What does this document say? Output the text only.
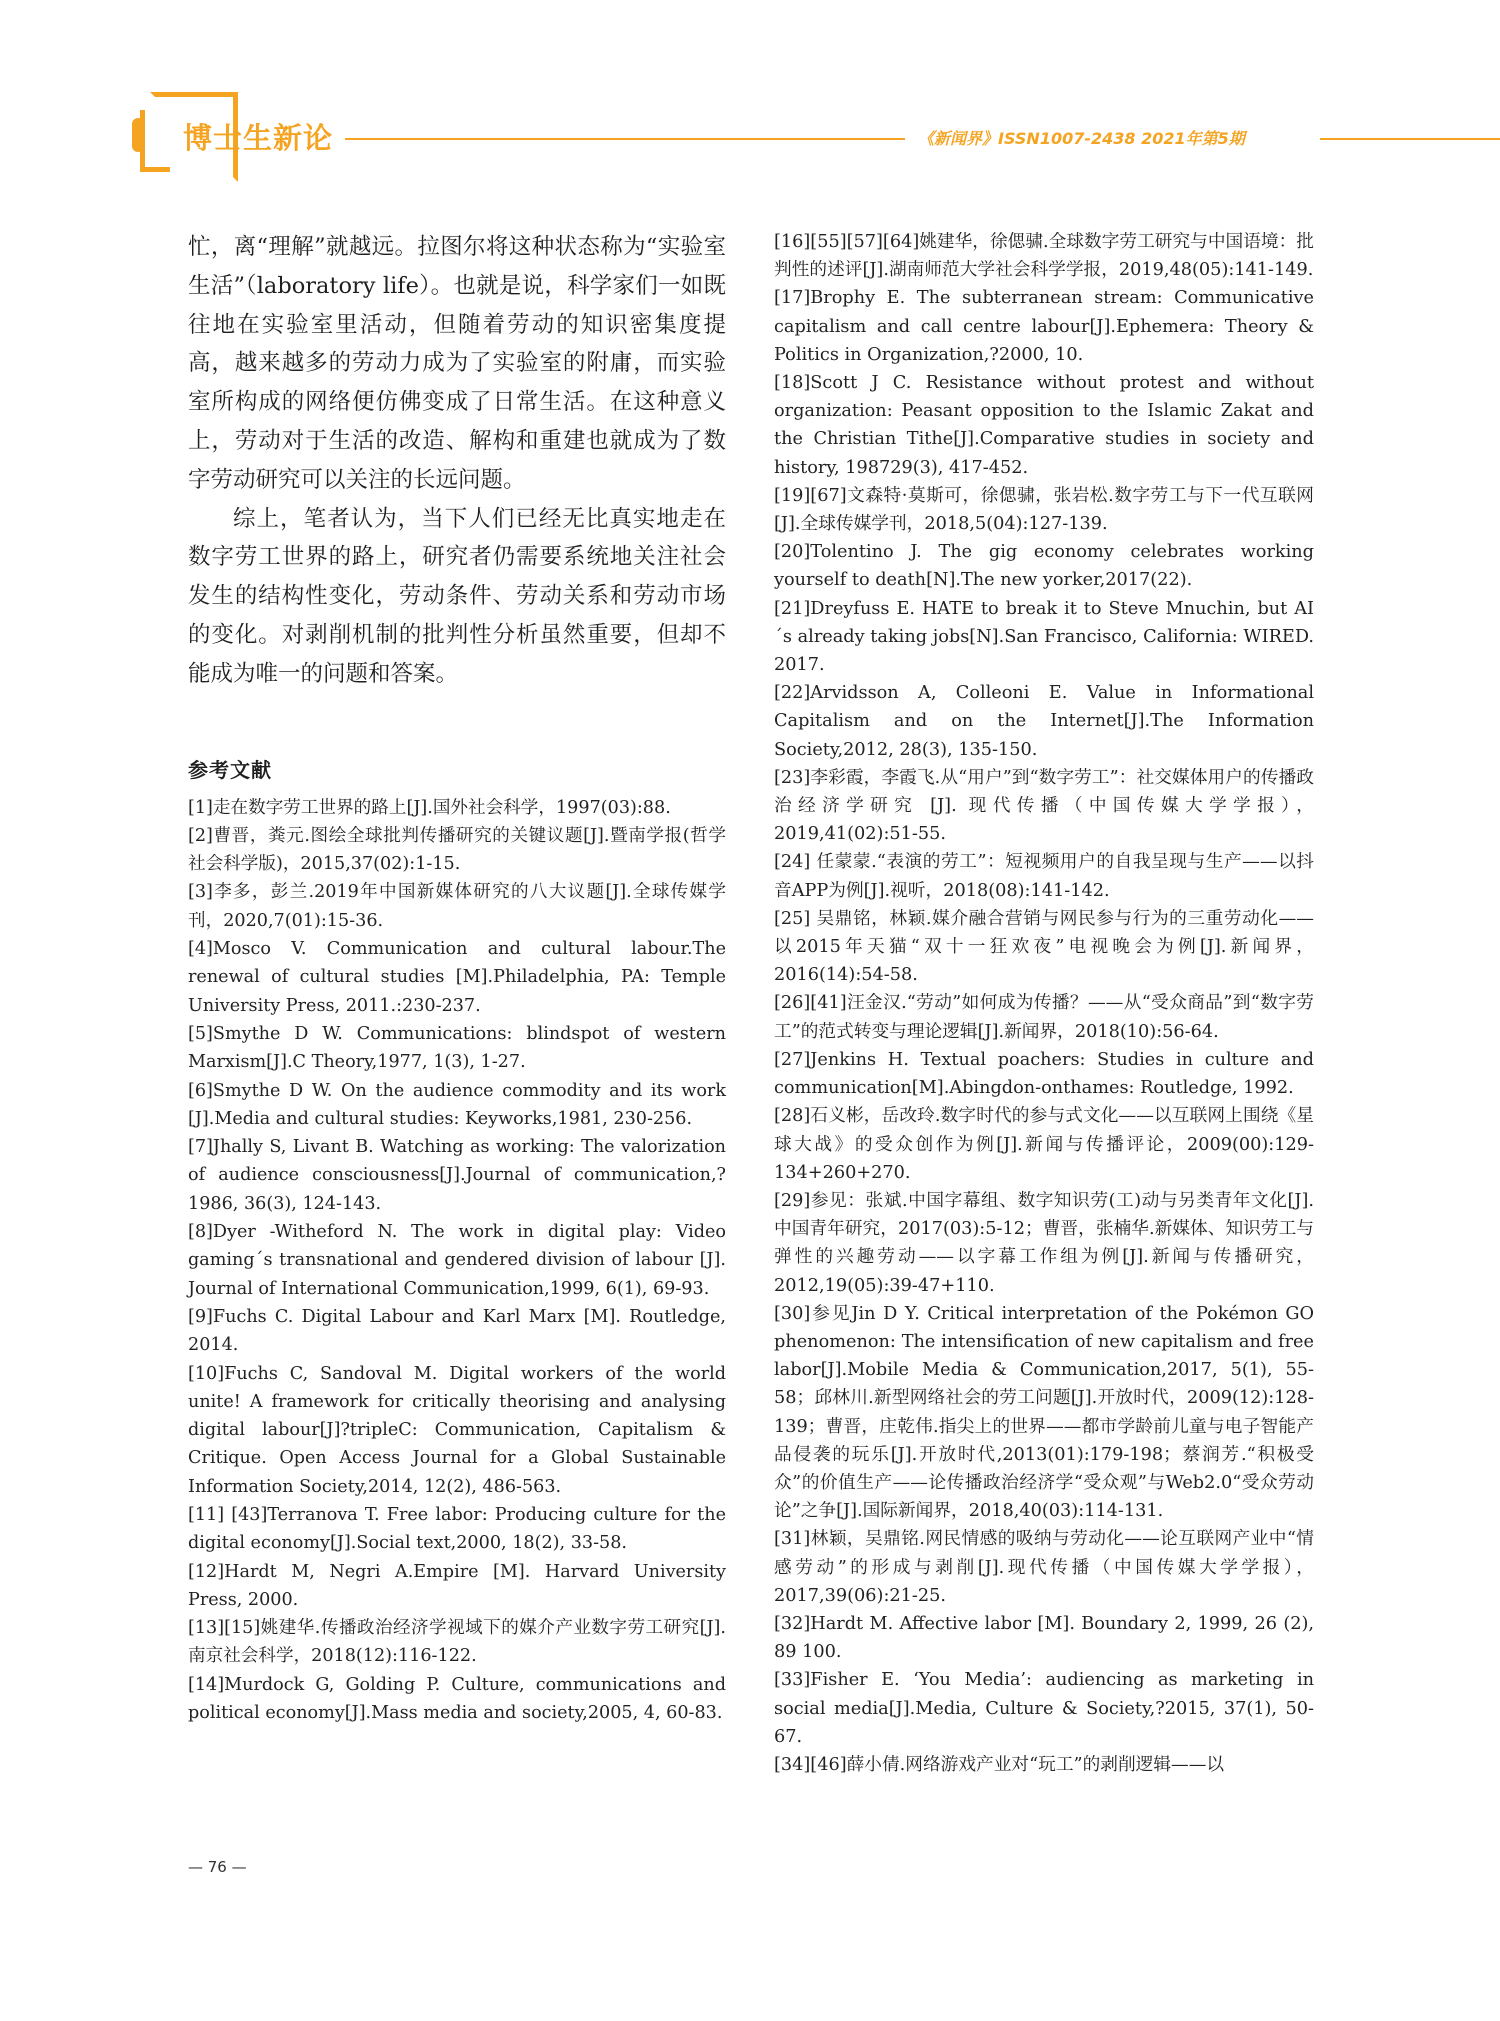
博士生新论	《新闻界》ISSN1007-2438 2021年第5期

忙，离“理解”就越远。拉图尔将这种状态称为“实验室生活”（laboratory life）。也就是说，科学家们一如既往地在实验室里活动，但随着劳动的知识密集度提高，越来越多的劳动力成为了实验室的附庸，而实验室所构成的网络便仿佛变成了日常生活。在这种意义上，劳动对于生活的改造、解构和重建也就成为了数字劳动研究可以关注的长远问题。

综上，笔者认为，当下人们已经无比真实地走在数字劳工世界的路上，研究者仍需要系统地关注社会发生的结构性变化，劳动条件、劳动关系和劳动市场的变化。对剥削机制的批判性分析虽然重要，但却不能成为唯一的问题和答案。

参考文献

[1]走在数字劳工世界的路上[J].国外社会科学，1997(03):88.

[2]曹晋，粪元.图绘全球批判传播研究的关键议题[J].暨南学报(哲学社会科学版)，2015,37(02):1-15.

[3]李多，彭兰.2019年中国新媒体研究的八大议题[J].全球传媒学刊，2020,7(01):15-36.

[4]Mosco V. Communication and cultural labour.The renewal of cultural studies [M].Philadelphia, PA: Temple University Press, 2011.:230-237.

[5]Smythe D W. Communications: blindspot of western Marxism[J].C Theory,1977, 1(3), 1-27.

[6]Smythe D W. On the audience commodity and its work [J].Media and cultural studies: Keyworks,1981, 230-256.

[7]Jhally S, Livant B. Watching as working: The valorization of audience consciousness[J].Journal of communication,?1986, 36(3), 124-143.

[8]Dyer -Witheford N. The work in digital play: Video gaming´s transnational and gendered division of labour [J]. Journal of International Communication,1999, 6(1), 69-93.

[9]Fuchs C. Digital Labour and Karl Marx [M]. Routledge, 2014.

[10]Fuchs C, Sandoval M. Digital workers of the world unite! A framework for critically theorising and analysing digital labour[J]?tripleC: Communication, Capitalism & Critique. Open Access Journal for a Global Sustainable Information Society,2014, 12(2), 486-563.

[11] [43]Terranova T. Free labor: Producing culture for the digital economy[J].Social text,2000, 18(2), 33-58.

[12]Hardt M, Negri A.Empire [M]. Harvard University Press, 2000.

[13][15]姚建华.传播政治经济学视域下的媒介产业数字劳工研究[J].南京社会科学，2018(12):116-122.

[14]Murdock G, Golding P. Culture, communications and political economy[J].Mass media and society,2005, 4, 60-83.

[16][55][57][64]姚建华，徐偲骕.全球数字劳工研究与中国语境：批判性的述评[J].湖南师范大学社会科学学报，2019,48(05):141-149.

[17]Brophy E. The subterranean stream: Communicative capitalism and call centre labour[J].Ephemera: Theory & Politics in Organization,?2000, 10.

[18]Scott J C. Resistance without protest and without organization: Peasant opposition to the Islamic Zakat and the Christian Tithe[J].Comparative studies in society and history, 198729(3), 417-452.

[19][67]文森特·莫斯可，徐偲骕，张岩松.数字劳工与下一代互联网[J].全球传媒学刊，2018,5(04):127-139.

[20]Tolentino J. The gig economy celebrates working yourself to death[N].The new yorker,2017(22).

[21]Dreyfuss E. HATE to break it to Steve Mnuchin, but AI´s already taking jobs[N].San Francisco, California: WIRED. 2017.

[22]Arvidsson A, Colleoni E. Value in Informational Capitalism and on the Internet[J].The Information Society,2012, 28(3), 135-150.

[23]李彩霞，李霞飞.从“用户”到“数字劳工”：社交媒体用户的传播政治经济学研究 [J]. 现代传播（中国传媒大学学报），2019,41(02):51-55.

[24] 任蒙蒙.“表演的劳工”：短视频用户的自我呈现与生产——以抖音APP为例[J].视听，2018(08):141-142.

[25] 吴鼎铭，林颖.媒介融合营销与网民参与行为的三重劳动化——以2015年天猫“双十一狂欢夜”电视晚会为例[J].新闻界，2016(14):54-58.

[26][41]汪金汉.“劳动”如何成为传播？——从“受众商品”到“数字劳工”的范式转变与理论逻辑[J].新闻界，2018(10):56-64.

[27]Jenkins H. Textual poachers: Studies in culture and communication[M].Abingdon-onthames: Routledge, 1992.

[28]石义彬，岳改玲.数字时代的参与式文化——以互联网上围绕《星球大战》的受众创作为例[J].新闻与传播评论，2009(00):129-134+260+270.

[29]参见：张斌.中国字幕组、数字知识劳(工)动与另类青年文化[J].中国青年研究，2017(03):5-12；曹晋，张楠华.新媒体、知识劳工与弹性的兴趣劳动——以字幕工作组为例[J].新闻与传播研究，2012,19(05):39-47+110.

[30]参见Jin D Y. Critical interpretation of the Pokémon GO phenomenon: The intensification of new capitalism and free labor[J].Mobile Media & Communication,2017, 5(1), 55-58；邱林川.新型网络社会的劳工问题[J].开放时代，2009(12):128-139；曹晋，庄乾伟.指尖上的世界——都市学龄前儿童与电子智能产品侵袭的玩乐[J].开放时代,2013(01):179-198；蔡润芳.“积极受众”的价值生产——论传播政治经济学“受众观”与Web2.0“受众劳动论”之争[J].国际新闻界，2018,40(03):114-131.

[31]林颖，吴鼎铭.网民情感的吸纳与劳动化——论互联网产业中“情感劳动”的形成与剥削[J].现代传播（中国传媒大学学报），2017,39(06):21-25.

[32]Hardt M. Affective labor [M]. Boundary 2, 1999, 26 (2), 89 100.

[33]Fisher E. ‘You Media’: audiencing as marketing in social media[J].Media, Culture & Society,?2015, 37(1), 50-67.

[34][46]薛小倩.网络游戏产业对“玩工”的剥削逻辑——以

— 76 —
